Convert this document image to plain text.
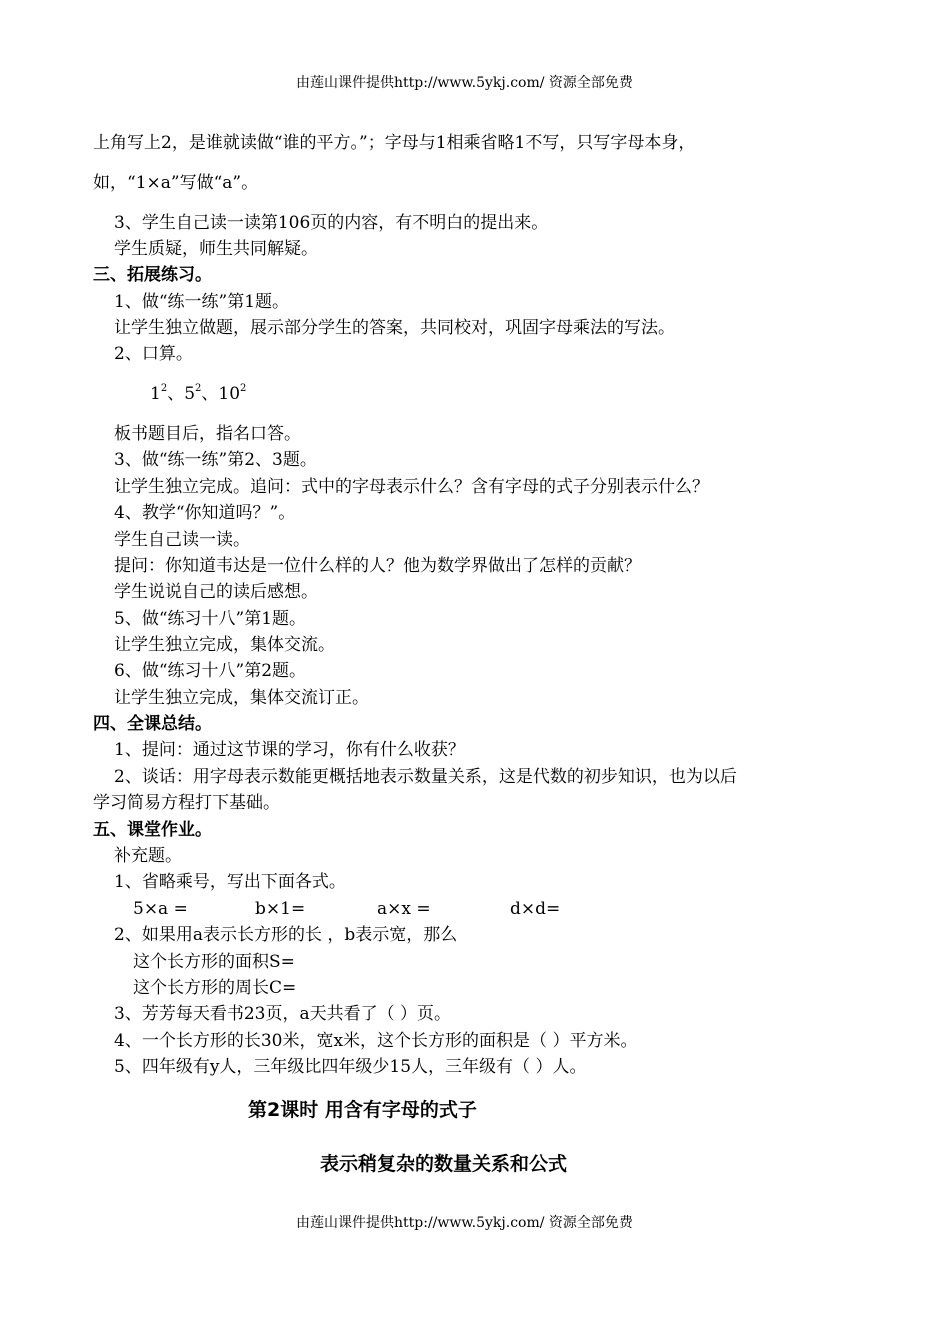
由莲山课件提供http://www.5ykj.com/ 资源全部免费
上角写上2，是谁就读做“谁的平方。”；字母与1相乘省略1不写，只写字母本身，
如，“1×a”写做“a”。
3、学生自己读一读第106页的内容，有不明白的提出来。
学生质疑，师生共同解疑。
三、拓展练习。
1、做“练一练”第1题。
让学生独立做题，展示部分学生的答案，共同校对，巩固字母乘法的写法。
2、口算。
$1^2$、$5^2$、$10^2$
板书题目后，指名口答。
3、做“练一练”第2、3题。
让学生独立完成。追问：式中的字母表示什么？含有字母的式子分别表示什么？
4、教学“你知道吗？”。
学生自己读一读。
提问：你知道韦达是一位什么样的人？他为数学界做出了怎样的贡献？
学生说说自己的读后感想。
5、做“练习十八”第1题。
让学生独立完成，集体交流。
6、做“练习十八”第2题。
让学生独立完成，集体交流订正。
四、全课总结。
1、提问：通过这节课的学习，你有什么收获？
2、谈话：用字母表示数能更概括地表示数量关系，这是代数的初步知识，也为以后
学习简易方程打下基础。
五、课堂作业。
补充题。
1、省略乘号，写出下面各式。
5×a =	b×1=	a×x =	d×d=
2、如果用a表示长方形的长 ，b表示宽，那么
这个长方形的面积S=
这个长方形的周长C=
3、芳芳每天看书23页，a天共看了（ ）页。
4、一个长方形的长30米，宽x米，这个长方形的面积是（ ）平方米。
5、四年级有y人，三年级比四年级少15人，三年级有（ ）人。
第2课时 用含有字母的式子
表示稍复杂的数量关系和公式
由莲山课件提供http://www.5ykj.com/ 资源全部免费
